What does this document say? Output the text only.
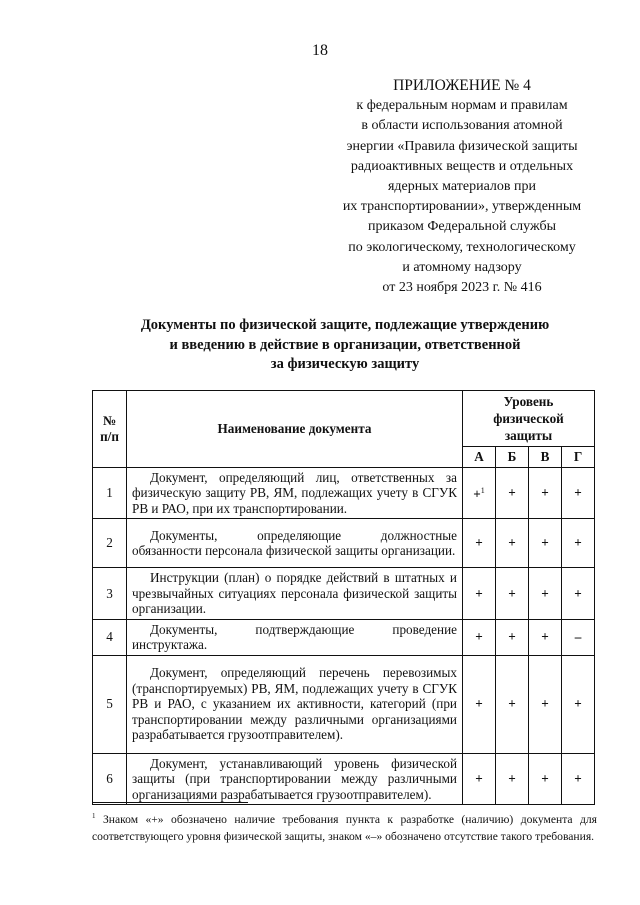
18
ПРИЛОЖЕНИЕ № 4
к федеральным нормам и правилам
в области использования атомной
энергии «Правила физической защиты
радиоактивных веществ и отдельных
ядерных материалов при
их транспортировании», утвержденным
приказом Федеральной службы
по экологическому, технологическому
и атомному надзору
от 23 ноября 2023 г. № 416
Документы по физической защите, подлежащие утверждению
и введению в действие в организации, ответственной
за физическую защиту
№ п/п	Наименование документа	Уровень физической защиты			
		А	Б	В	Г
1	Документ, определяющий лиц, ответственных за физическую защиту РВ, ЯМ, подлежащих учету в СГУК РВ и РАО, при их транспортировании.	+$^1$	+	+	+
2	Документы, определяющие должностные обязанности персонала физической защиты организации.	+	+	+	+
3	Инструкции (план) о порядке действий в штатных и чрезвычайных ситуациях персонала физической защиты организации.	+	+	+	+
4	Документы, подтверждающие проведение инструктажа.	+	+	+	–
5	Документ, определяющий перечень перевозимых (транспортируемых) РВ, ЯМ, подлежащих учету в СГУК РВ и РАО, с указанием их активности, категорий (при транспортировании между различными организациями разрабатывается грузоотправителем).	+	+	+	+
6	Документ, устанавливающий уровень физической защиты (при транспортировании между различными организациями разрабатывается грузоотправителем).	+	+	+	+
$^1$ Знаком «+» обозначено наличие требования пункта к разработке (наличию) документа для соответствующего уровня физической защиты, знаком «–» обозначено отсутствие такого требования.
